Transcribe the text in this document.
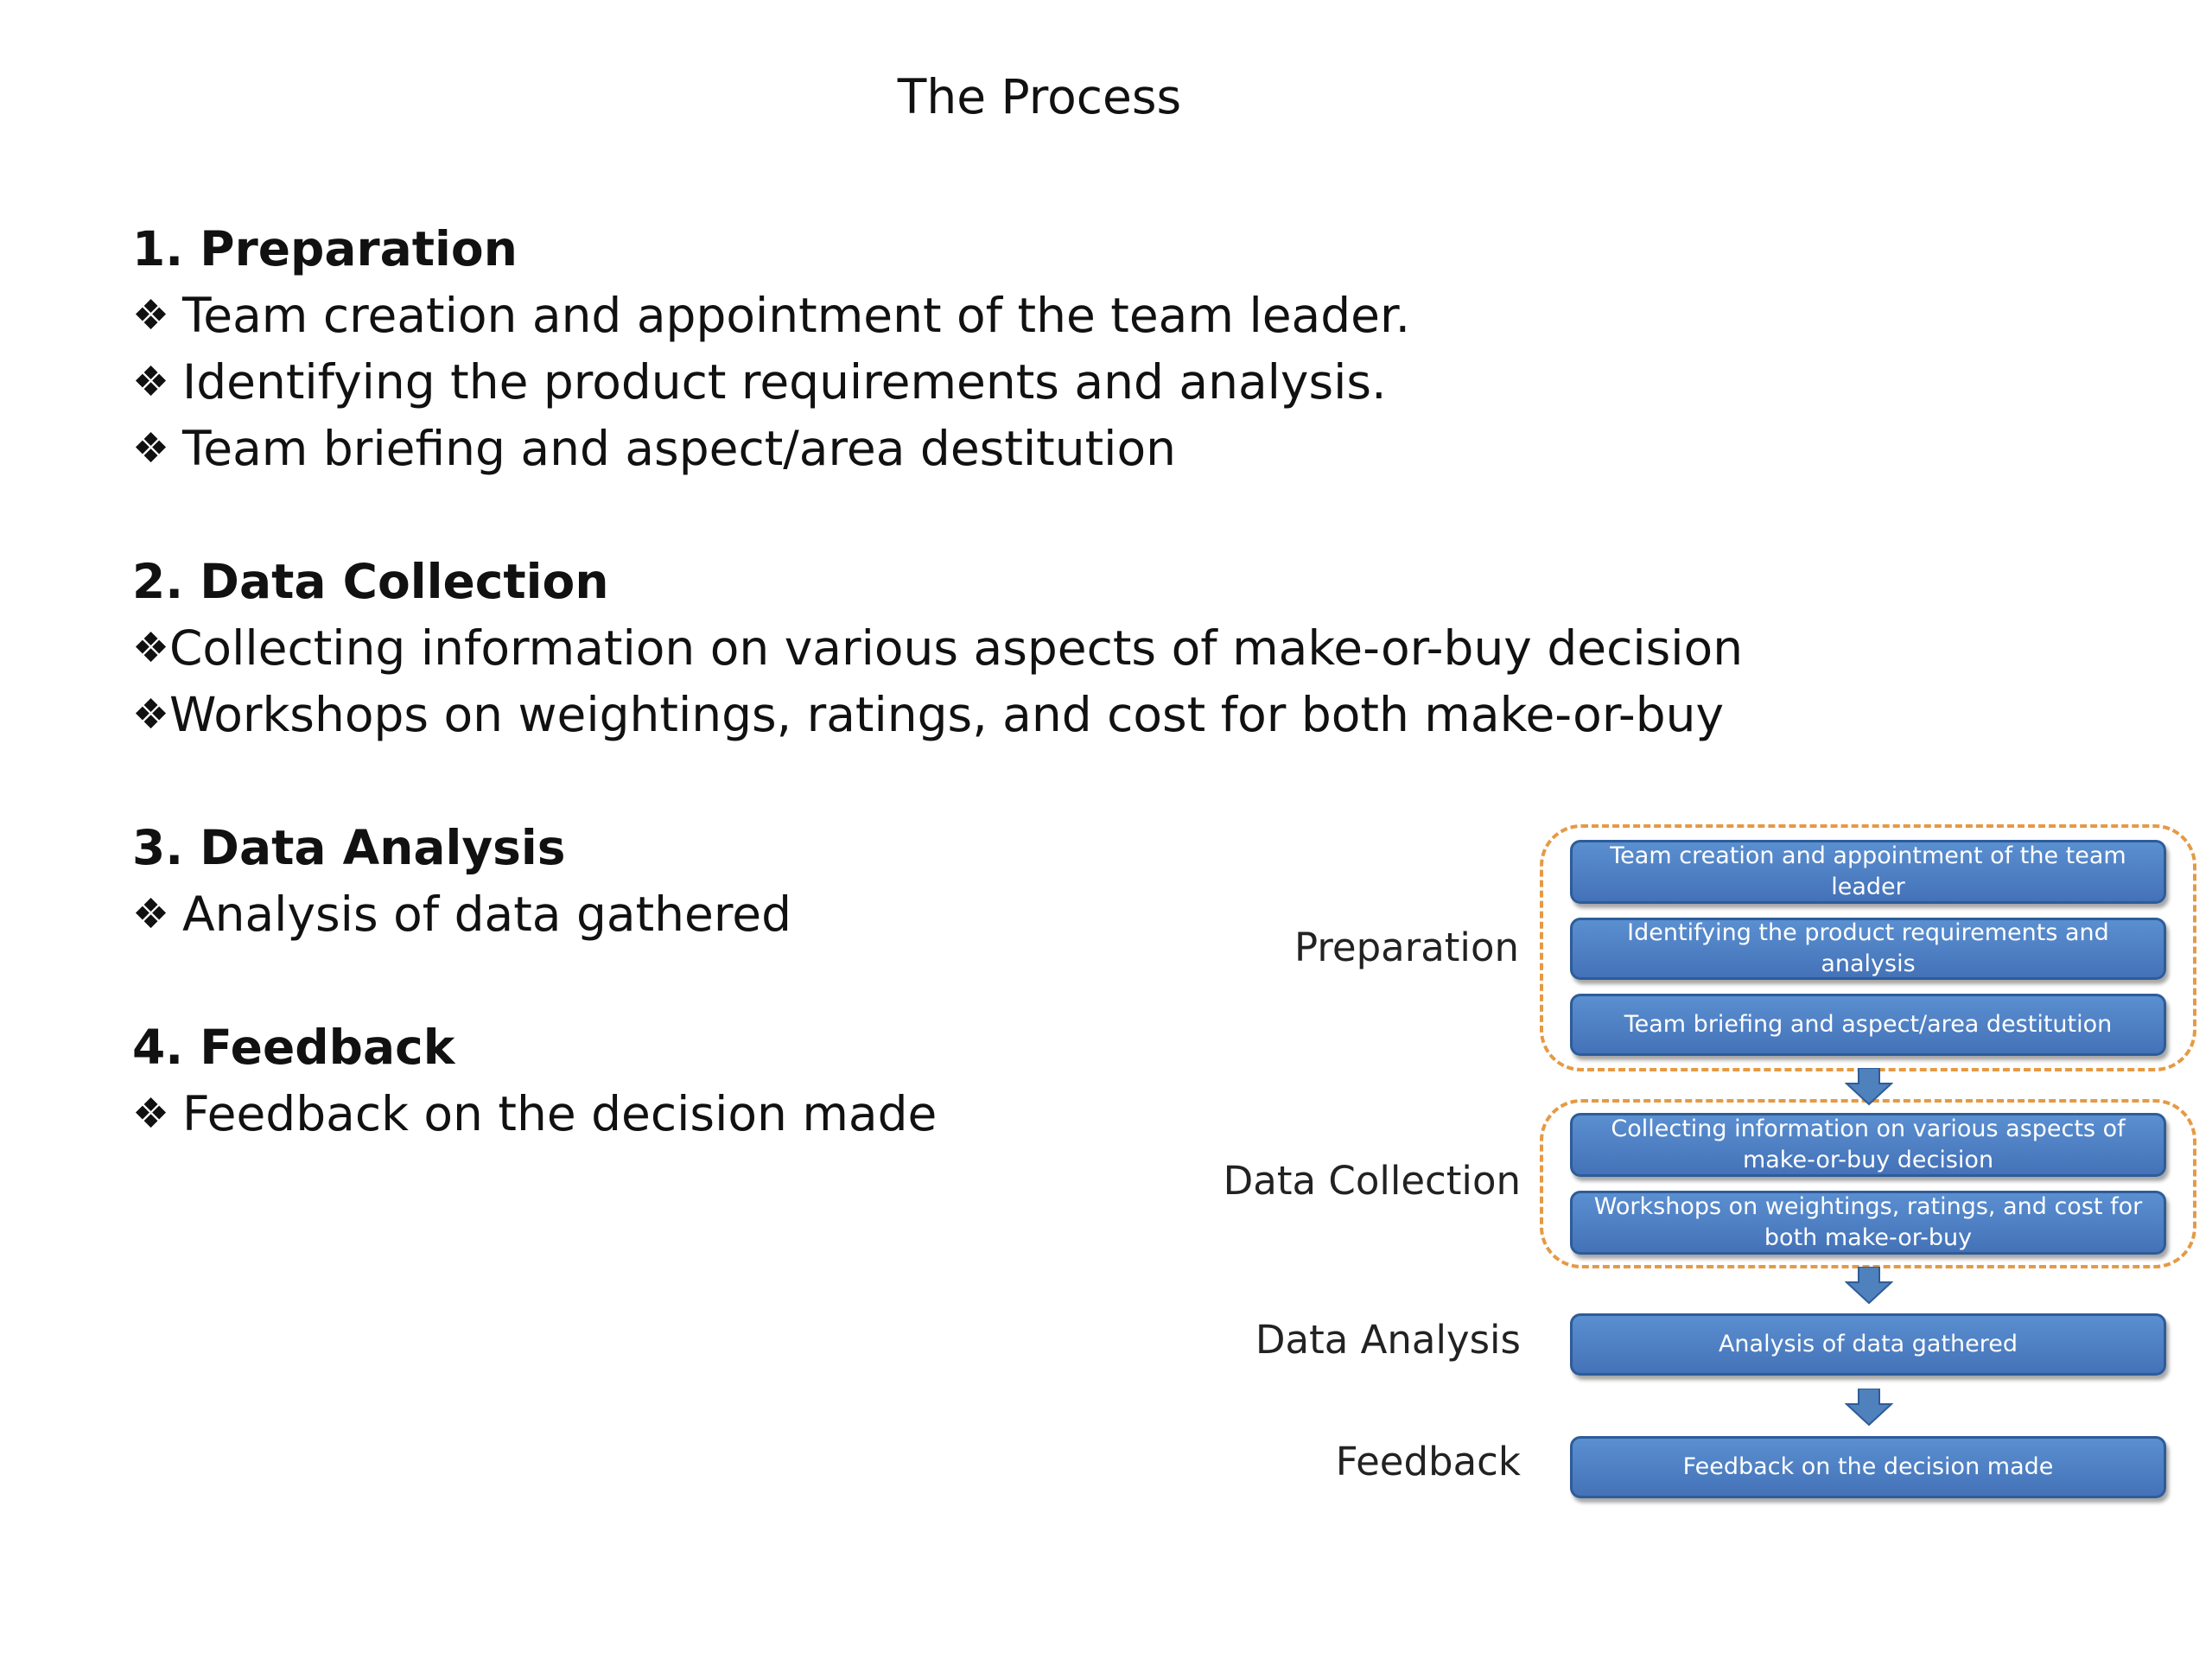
The Process
1. Preparation
❖ Team creation and appointment of the team leader.
❖ Identifying the product requirements and analysis.
❖ Team briefing and aspect/area destitution
2. Data Collection
❖ Collecting information on various aspects of make-or-buy decision
❖ Workshops on weightings, ratings, and cost for both make-or-buy
3. Data Analysis
❖ Analysis of data gathered
4. Feedback
❖ Feedback on the decision made
Preparation
Data Collection
Data Analysis
Feedback
Team creation and appointment of the team leader
Identifying the product requirements and analysis
Team briefing and aspect/area destitution
Collecting information on various aspects of make-or-buy decision
Workshops on weightings, ratings, and cost for both make-or-buy
Analysis of data gathered
Feedback on the decision made
